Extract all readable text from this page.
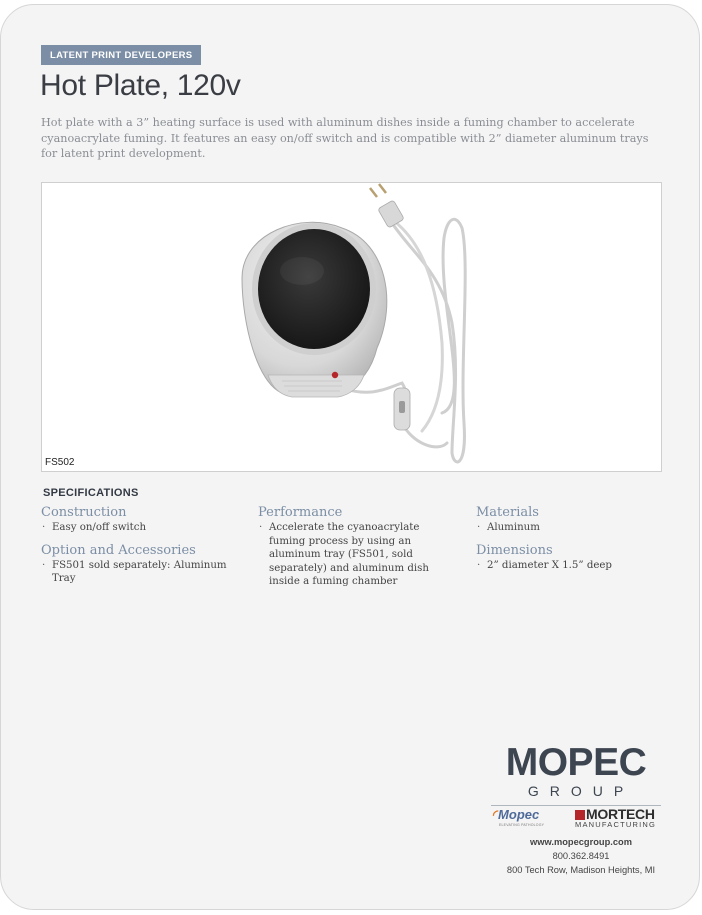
LATENT PRINT DEVELOPERS
Hot Plate, 120v
Hot plate with a 3” heating surface is used with aluminum dishes inside a fuming chamber to accelerate cyanoacrylate fuming. It features an easy on/off switch and is compatible with 2” diameter aluminum trays for latent print development.
FS502
SPECIFICATIONS
Construction
· Easy on/off switch
Option and Accessories
· FS501 sold separately: Aluminum Tray
Performance
· Accelerate the cyanoacrylate fuming process by using an aluminum tray (FS501, sold separately) and aluminum dish inside a fuming chamber
Materials
· Aluminum
Dimensions
· 2” diameter X 1.5” deep
MOPEC
GROUP
◜Mopec
ELEVATING PATHOLOGY
MORTECH
MANUFACTURING
www.mopecgroup.com
800.362.8491
800 Tech Row, Madison Heights, MI
